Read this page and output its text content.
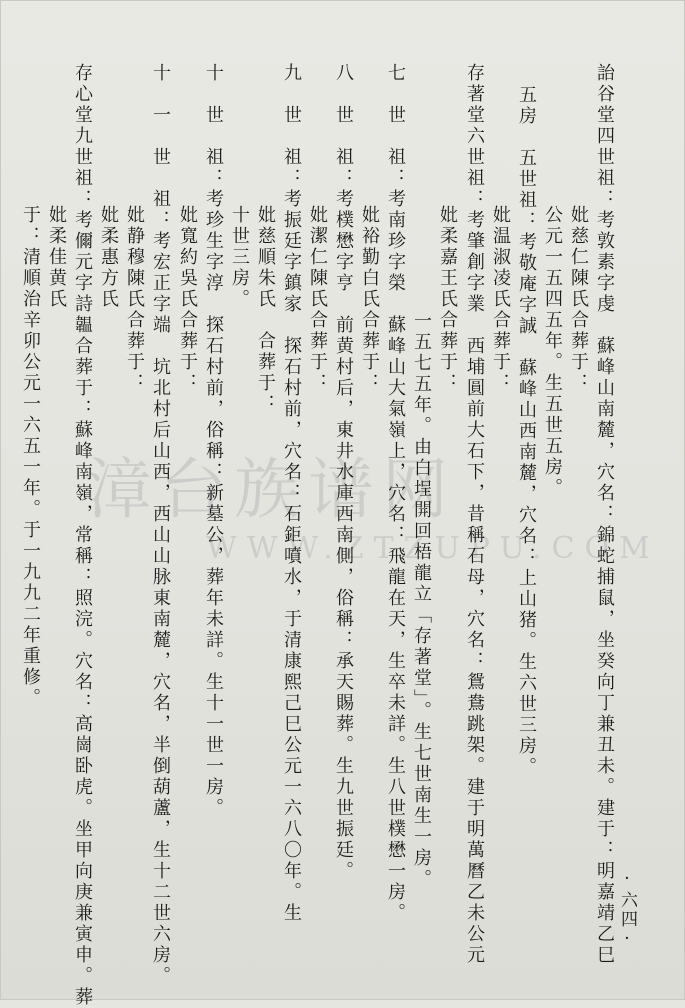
漳台族谱网
WWW.ZTZUPU.COM
詒谷堂四世祖：考敦素字虔　蘇峰山南麓，穴名：錦蛇捕鼠，坐癸向丁兼丑未。建于：明嘉靖乙巳
妣慈仁陳氏合葬于：
公元一五四五年。生五世五房。
五房　五世祖：考敬庵字誠　蘇峰山西南麓，穴名：上山猪。生六世三房。
妣温淑凌氏合葬于：
存著堂六世祖：考肇創字業　西埔圓前大石下，昔稱石母，穴名：鴛鴦跳架。建于明萬曆乙未公元
妣柔嘉王氏合葬于：
一五七五年。由白埕開回梧龍立「存著堂」。生七世南生一房。
七　世　祖：考南珍字榮　蘇峰山大氣嶺上，穴名：飛龍在天，生卒未詳。生八世樸懋一房。
妣裕勤白氏合葬于：
八　世　祖：考樸懋字亨　前黄村后，東井水庫西南側，俗稱：承天賜葬。生九世振廷。
妣潔仁陳氏合葬于：
九　世　祖：考振廷字鎮家　探石村前，穴名：石鉅噴水，于清康熙己巳公元一六八〇年。生
妣慈順朱氏　合葬于：
十世三房。
十　世　祖：考珍生字淳　探石村前，俗稱：新墓公，葬年未詳。生十一世一房。
妣寬約吳氏合葬于：
十　一　世　祖：考宏正字端　坑北村后山西，西山山脉東南麓，穴名，半倒葫蘆，生十二世六房。
妣静穆陳氏合葬于：
妣柔惠方氏
存心堂九世祖：考儞元字詩韞合葬于：蘇峰南嶺，常稱：照浣。穴名：高崗卧虎。坐甲向庚兼寅申。葬
妣柔佳黄氏
于：清順治辛卯公元一六五一年。于一九九二年重修。
·六四·
